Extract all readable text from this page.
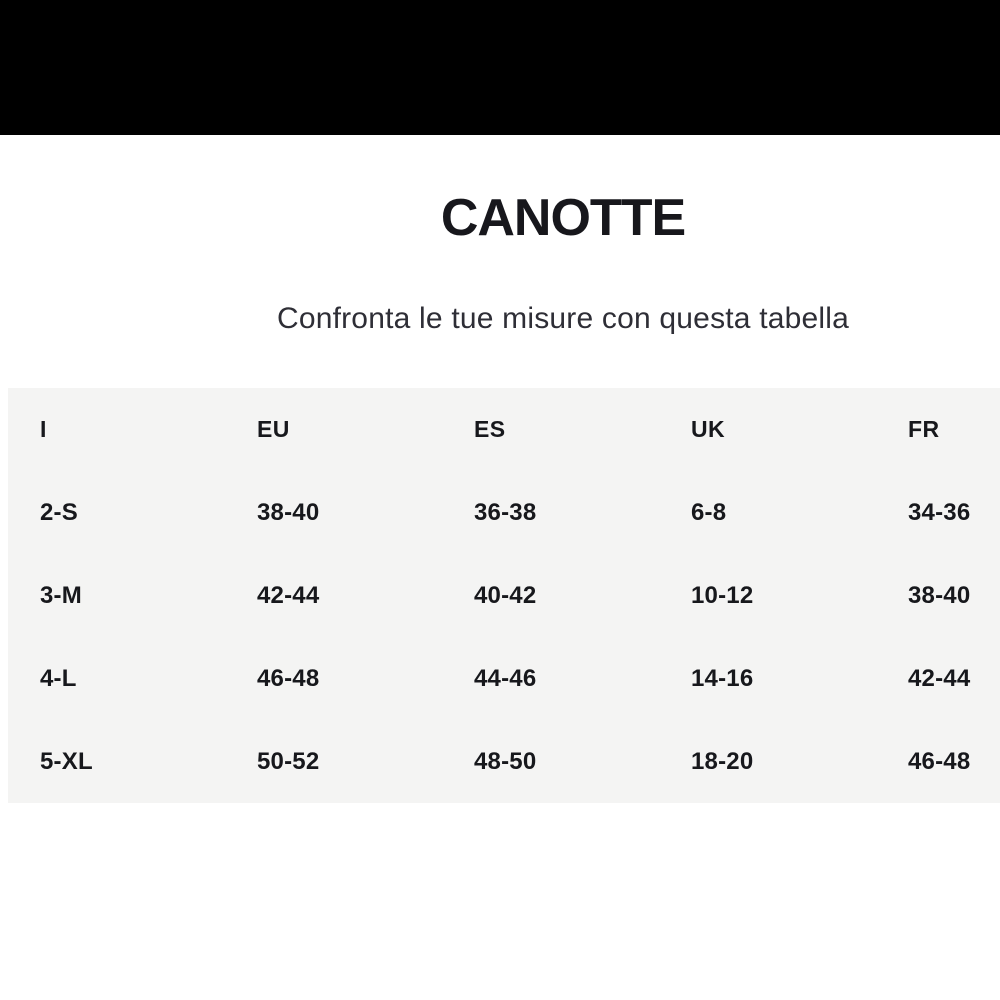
CANOTTE

Confronta le tue misure con questa tabella

I	EU	ES	UK	FR
2-S	38-40	36-38	6-8	34-36
3-M	42-44	40-42	10-12	38-40
4-L	46-48	44-46	14-16	42-44
5-XL	50-52	48-50	18-20	46-48
